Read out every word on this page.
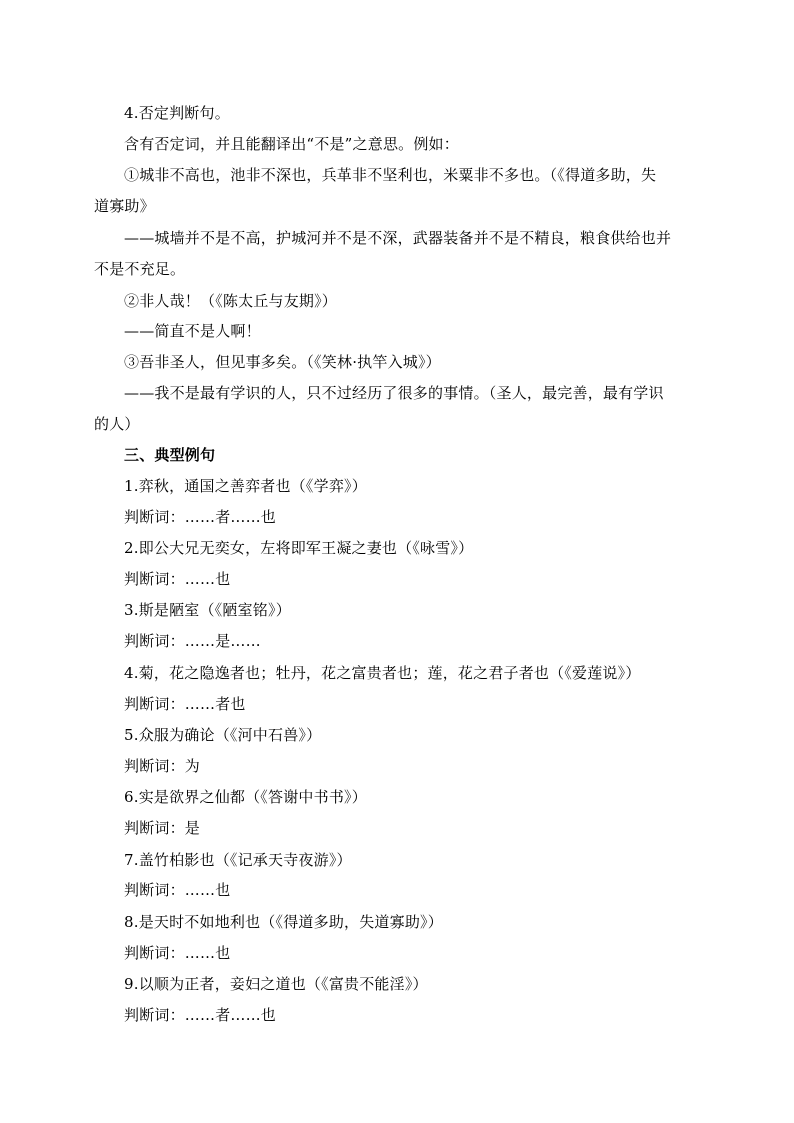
4.否定判断句。
含有否定词，并且能翻译出“不是”之意思。例如：
①城非不高也，池非不深也，兵革非不坚利也，米粟非不多也。（《得道多助，失
道寡助》
——城墙并不是不高，护城河并不是不深，武器装备并不是不精良，粮食供给也并
不是不充足。
②非人哉！（《陈太丘与友期》）
——简直不是人啊！
③吾非圣人，但见事多矣。（《笑林·执竿入城》）
——我不是最有学识的人，只不过经历了很多的事情。（圣人，最完善，最有学识
的人）
三、典型例句
1.弈秋，通国之善弈者也（《学弈》）
判断词：……者……也
2.即公大兄无奕女，左将即军王凝之妻也（《咏雪》）
判断词：……也
3.斯是陋室（《陋室铭》）
判断词：……是……
4.菊，花之隐逸者也；牡丹，花之富贵者也；莲，花之君子者也（《爱莲说》）
判断词：……者也
5.众服为确论（《河中石兽》）
判断词：为
6.实是欲界之仙都（《答谢中书书》）
判断词：是
7.盖竹柏影也（《记承天寺夜游》）
判断词：……也
8.是天时不如地利也（《得道多助，失道寡助》）
判断词：……也
9.以顺为正者，妾妇之道也（《富贵不能淫》）
判断词：……者……也
